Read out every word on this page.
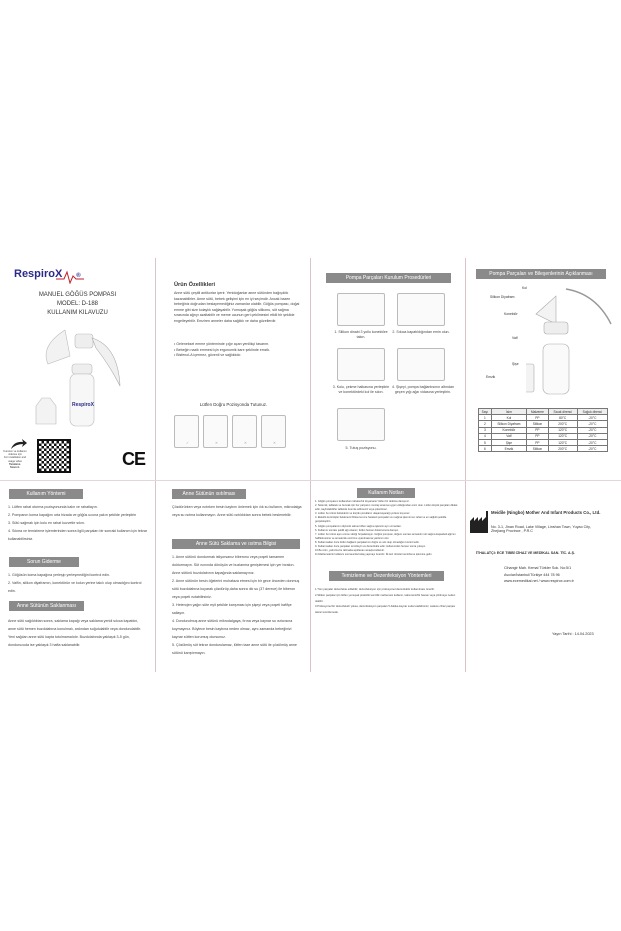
RespiroX ®
MANUEL GÖĞÜS POMPASI
MODEL: D-188
KULLANIM KILAVUZU
RespiroX
Kurulum ve kullanım
videosu için
For installation and
usage video
Taratınız.
Scan it.	CE
Ürün Özellikleri

Anne sütü çeşitli antikorlar içerir. Yenidoğanlar anne sütünden bağışıklık kazanabilirler. Anne sütü, bebek gelişimi için en iyi seçimdir. Ancak bazen bebeğiniz doğrudan beslayemediğiniz zamanlar olabilir. Göğüs pompası, doğal emme gibi size kolaylık sağlayabilir. Yumuşak göğüs silikonu, süt sağma sırasında ağrıyı azaltabilir ve meme ucunun geri çekilmesini etkili bir şekilde engelleyebilir. Emziren anneler daha sağlıklı ve daha güzellerdir.

• Geleneksel emme yönteminde çığır açan yenilikçi tasarım.
• Bebeğin nazik emmesi için ergonomik kare şeklinde emzik.
• Bisfenol-A içermez, güvenli ve sağlıklıdır.
Lütfen Doğru Pozisyonda Tutunuz.
✓	✕	✕	✕
Pompa Parçaları Kurulum Prosedürleri
1. Silikon dinabi 3 yollu konektöre takın.
2. Sıkıca kapatıldığından emin olun.
3. Kolu, çekme halkasına yerleştirin ve konektördeki kol ile sıkın.
4. Şişeyi, pompa bağlantısının altından geçen yığı ağzı vidasına yerleştirin.
5. Tutuş pozisyonu.
Pompa Parçaları ve Bileşenlerinin Açıklanması
Kol
Silikon Diyafram
Konektör
Valf
Şişe
Emzik
Sayı	İsim	Malzeme	Sıcak direnci	Soğuk direnci
1	Kol	PP	80°C	-20°C
2	Silikon Diyafram	Silikon	200°C	-20°C
3	Konektör	PP	120°C	-20°C
4	Valf	PP	120°C	-20°C
5	Şişe	PP	120°C	-20°C
6	Emzik	Silikon	200°C	-20°C
Kullanım Yöntemi

1. Lütfen rahat oturma pozisyonunda kalın ve rahatlayın.

2. Pompanın koma kapağını orta hizada ve göğüs ucuna yakın şekilde yerleştirin

3. Sütü sağmak için kolu en rahat kuvvetle sıkın.

4. Sıkma ve temizleme işlemlerinden sonra ilgili parçaları bir sonraki kullanım için tekrar kullanabilirsiniz.

Sorun Giderme

1. Göğüsün koma kapağına yerleşip yerleşmediğini kontrol edin.

2. Valfin, silikon diyaframın, konektörün ve kolun yerine takılı olup olmadığını kontrol edin.

Anne Sütünün Saklanması

Anne sütü sağıldıktan sonra, saklama kapağı veya saklama yeridi sıkıca kapatılın, anne sütü hemen buzdolabına konulmalı, ardından soğutulabilir veya dondurulabilir. Yeni sağılan anne sütü kapta tutulmamalıdır. Buzdolabında yaklaşık 3-5 gün, dondurucuda ise yaklaşık 3 hafta saklanabilir.

Anne Sütünün ısıtılması

Çözdürürken veya ısıtırken besin kaybını önlemek için ılık su kullanın, mikrodalga veya su ısıtma kullanmayın. Anne sütü ısıtıldıktan sonra bebek beslenebilir.

Anne Sütü Saklama ve ısıtma Bilgisi

1. Anne sütünü dondurmak istiyorsanız biberonu veya poşeti tamamen doldurmayın. Süt ısınında dönüşün ve buzlanma genişlemesi için yer bırakın. Anne sütünü buzdolabının kapağında saklamayınız.

2. Anne sütünün besin öğelerini muhafaza etmesi için bir gece önceden donmuş sütü buzdolabına koyarak çözdürüp,daha sonra ılık su (37 derece) ile biberon veya poşeti ısıtabilirsiniz.

3. Heterojen yağın süte eşit şekilde karışması için şişeyi veya poşeti hafifçe sallayın.

4. Dondurulmuş anne sütünü mikrodalgaya, fırına veya kaynar su ısıtıcısına koymayınız. Böylece besin kaybına neden olmaz, aynı zamanda bebeğinizi kaynar sütten korumuş olursunuz.

5. Çözülmüş süt tekrar dondurulamaz, lütfen taze anne sütü ile çözülmüş anne sütünü karıştırmayın.

Kullanım Notları

1. Göğüs pompasını kullanırken rahatsızlık duyarsanız lütfen bir doktora danışınız.

2. Sütemik, tabletek ve bunnak için her parçanın montaj sırasına uygun olduğundan emin olun. Lütfen küçük parçaları dikkat edin, kaybolabilirler tabletde önemle edilmeniz veya çıkarılmaz.

3. Lütfen bu ürünü bebeklerin ve küçük çocukların ulaşamayacağı yerlere koyunuz.

4. Elektrik kontrolçler bekleneni fiziksel emme hareketi pompalar sıvı sağma işlemini en rahat ve en sağlıklı şekilde gerçekleştirin.

5. Göğüs pompalarının ölçümlü sabuu lütfen sağma işlemini ayrı uzmanları.

6. Kullanım sonrası şekilli ağı olsanız, lütfen hemen doktorunuza danışın.

7. Lütfen bu ürünü aşırı emme sıklığı hırpalamayın. Göğüs pompası, doğum sonrası annelerin süt sağma kapasiteli ağrının hafifletmesine ve annelerde emzirme uyarılmasına yardımcı olur.

8. Kullanmadan önce lütfen bağlantı parçalarının doğru ve sıkı olup olmadığını kontrol edin.

9. Kullanmadan önce parçaları temizleyin ve dezenfekte edin; kullanımdan hemen sonra yıkayın.

10.Bu ürün, yalnızca bu talimatta açıklanan amaçla kullanılır.

11.Malzemelerin kullanım sonrasında bulaş yapmayı öneririz. İlk kez ürünleri temizleme işlemine gelin.

Temizleme ve Dezenfeksiyon Yöntemleri

1.Tüm parçalar dezenfekte edilebilir, dezenfeksiyon için profesyonel dezenfektör kullanılması önerilir.

2.Silikon parçalar için lütfen yumuşak püsküllü temizlik malzemesi kullanın, kaba temizlik havası veya çizilmeye neden olabilir.

3.Profesyonel bir dezenfektör yoksa, dezenfeksiyon parçaları 5 dakika kaynar suda tutabilirsiniz, sadece cihaz parçası tekrar temizlemede.

Meidile (Ningbo) Mother And Infant Products Co., Ltd.
No. 3-1, Jinan Road, Lake Village, Linshan Town, Yuyao City, Zhejiang Province , P.R.C
İTHALATÇI: ECE TIBBİ CİHAZ VE MEDİKAL SAN. TİC. A.Ş.
Cihangir Mah. Kemal Türkler Sok. No:5/1
Avcılar/İstanbul/Türkiye 444 78 96
www.ecemedikal.net / www.respirox.com.tr
Yayın Tarihi : 14.04.2023
